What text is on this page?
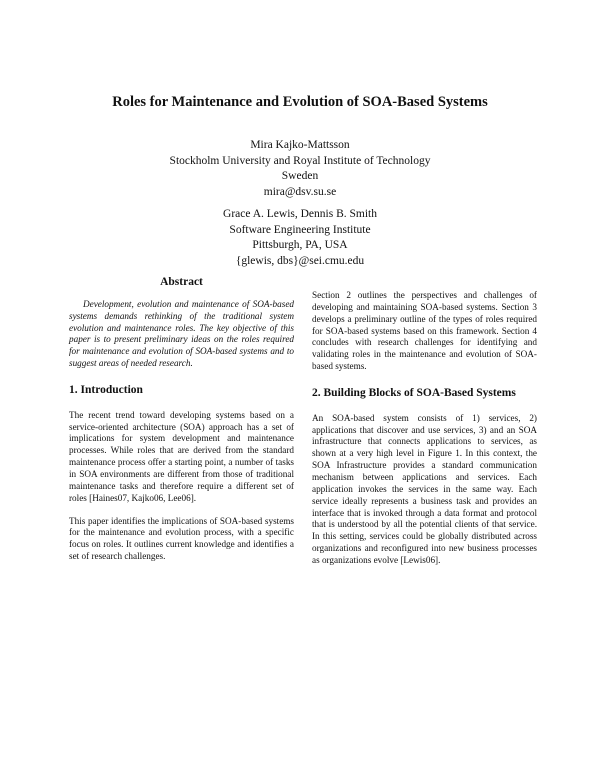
Roles for Maintenance and Evolution of SOA-Based Systems
Mira Kajko-Mattsson
Stockholm University and Royal Institute of Technology
Sweden
mira@dsv.su.se
Grace A. Lewis, Dennis B. Smith
Software Engineering Institute
Pittsburgh, PA, USA
{glewis, dbs}@sei.cmu.edu
Abstract

Development, evolution and maintenance of SOA-based systems demands rethinking of the traditional system evolution and maintenance roles. The key objective of this paper is to present preliminary ideas on the roles required for maintenance and evolution of SOA-based systems and to suggest areas of needed research.

1. Introduction

The recent trend toward developing systems based on a service-oriented architecture (SOA) approach has a set of implications for system development and maintenance processes. While roles that are derived from the standard maintenance process offer a starting point, a number of tasks in SOA environments are different from those of traditional maintenance tasks and therefore require a different set of roles [Haines07, Kajko06, Lee06].

This paper identifies the implications of SOA-based systems for the maintenance and evolution process, with a specific focus on roles. It outlines current knowledge and identifies a set of research challenges.

Section 2 outlines the perspectives and challenges of developing and maintaining SOA-based systems. Section 3 develops a preliminary outline of the types of roles required for SOA-based systems based on this framework. Section 4 concludes with research challenges for identifying and validating roles in the maintenance and evolution of SOA-based systems.

2. Building Blocks of SOA-Based Systems

An SOA-based system consists of 1) services, 2) applications that discover and use services, 3) and an SOA infrastructure that connects applications to services, as shown at a very high level in Figure 1. In this context, the SOA Infrastructure provides a standard communication mechanism between applications and services. Each application invokes the services in the same way. Each service ideally represents a business task and provides an interface that is invoked through a data format and protocol that is understood by all the potential clients of that service. In this setting, services could be globally distributed across organizations and reconfigured into new business processes as organizations evolve [Lewis06].
